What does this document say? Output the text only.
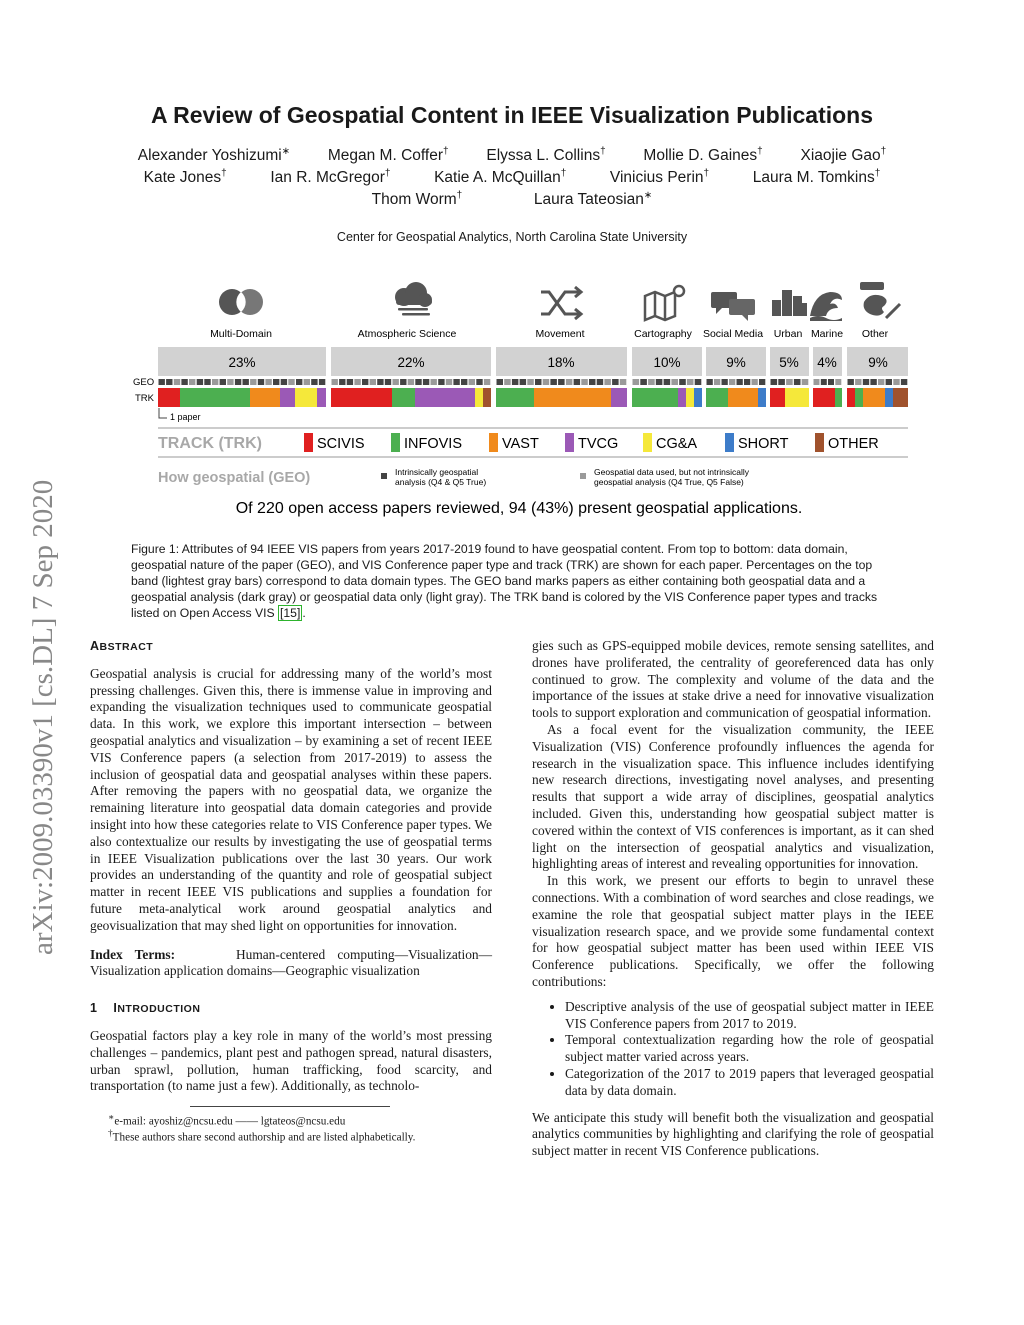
arXiv:2009.03390v1 [cs.DL] 7 Sep 2020
A Review of Geospatial Content in IEEE Visualization Publications
Alexander Yoshizumi∗ Megan M. Coffer† Elyssa L. Collins† Mollie D. Gaines† Xiaojie Gao†
Kate Jones†	Ian R. McGregor†	Katie A. McQuillan†	Vinicius Perin†	Laura M. Tomkins†
Thom Worm†	Laura Tateosian∗
Center for Geospatial Analytics, North Carolina State University
Multi-Domain	Atmospheric Science	Movement	Cartography Social Media Urban Marine Other
23%	22%	18%	10%	9% 5% 4% 9%
GEO
TRK
1 paper
TRACK (TRK)	SCIVIS	INFOVIS	VAST	TVCG	CG&A	SHORT	OTHER
How geospatial (GEO)	Intrinsically geospatial
analysis (Q4 & Q5 True)
Geospatial data used, but not intrinsically
geospatial analysis (Q4 True, Q5 False)
Of 220 open access papers reviewed, 94 (43%) present geospatial applications.
Figure 1: Attributes of 94 IEEE VIS papers from years 2017-2019 found to have geospatial content. From top to bottom: data domain, geospatial nature of the paper (GEO), and VIS Conference paper type and track (TRK) are shown for each paper. Percentages on the top band (lightest gray bars) correspond to data domain types. The GEO band marks papers as either containing both geospatial data and a geospatial analysis (dark gray) or geospatial data only (light gray). The TRK band is colored by the VIS Conference paper types and tracks listed on Open Access VIS [15] .
ABSTRACT

Geospatial analysis is crucial for addressing many of the world’s most pressing challenges. Given this, there is immense value in improving and expanding the visualization techniques used to communicate geospatial data. In this work, we explore this important intersection – between geospatial analytics and visualization – by examining a set of recent IEEE VIS Conference papers (a selection from 2017-2019) to assess the inclusion of geospatial data and geospatial analyses within these papers. After removing the papers with no geospatial data, we organize the remaining literature into geospatial data domain categories and provide insight into how these categories relate to VIS Conference paper types. We also contextualize our results by investigating the use of geospatial terms in IEEE Visualization publications over the last 30 years. Our work provides an understanding of the quantity and role of geospatial subject matter in recent IEEE VIS publications and supplies a foundation for future meta-analytical work around geospatial analytics and geovisualization that may shed light on opportunities for innovation.

Index Terms:	Human-centered computing—Visualization—Visualization application domains—Geographic visualization

1 INTRODUCTION

Geospatial factors play a key role in many of the world’s most pressing challenges – pandemics, plant pest and pathogen spread, natural disasters, urban sprawl, pollution, human trafficking, food scarcity, and transportation (to name just a few). Additionally, as technolo-

∗e-mail: ayoshiz@ncsu.edu —— lgtateos@ncsu.edu
†These authors share second authorship and are listed alphabetically.

gies such as GPS-equipped mobile devices, remote sensing satellites, and drones have proliferated, the centrality of georeferenced data has only continued to grow. The complexity and volume of the data and the importance of the issues at stake drive a need for innovative visualization tools to support exploration and communication of geospatial information.

As a focal event for the visualization community, the IEEE Visualization (VIS) Conference profoundly influences the agenda for research in the visualization space. This influence includes identifying new research directions, investigating novel analyses, and presenting results that support a wide array of disciplines, geospatial analytics included. Given this, understanding how geospatial subject matter is covered within the context of VIS conferences is important, as it can shed light on the intersection of geospatial analytics and visualization, highlighting areas of interest and revealing opportunities for innovation.

In this work, we present our efforts to begin to unravel these connections. With a combination of word searches and close readings, we examine the role that geospatial subject matter plays in the IEEE visualization research space, and we provide some fundamental context for how geospatial subject matter has been used within IEEE VIS Conference publications. Specifically, we offer the following contributions:

• Descriptive analysis of the use of geospatial subject matter in IEEE VIS Conference papers from 2017 to 2019.
• Temporal contextualization regarding how the role of geospatial subject matter varied across years.
• Categorization of the 2017 to 2019 papers that leveraged geospatial data by data domain.

We anticipate this study will benefit both the visualization and geospatial analytics communities by highlighting and clarifying the role of geospatial subject matter in recent VIS Conference publications.
